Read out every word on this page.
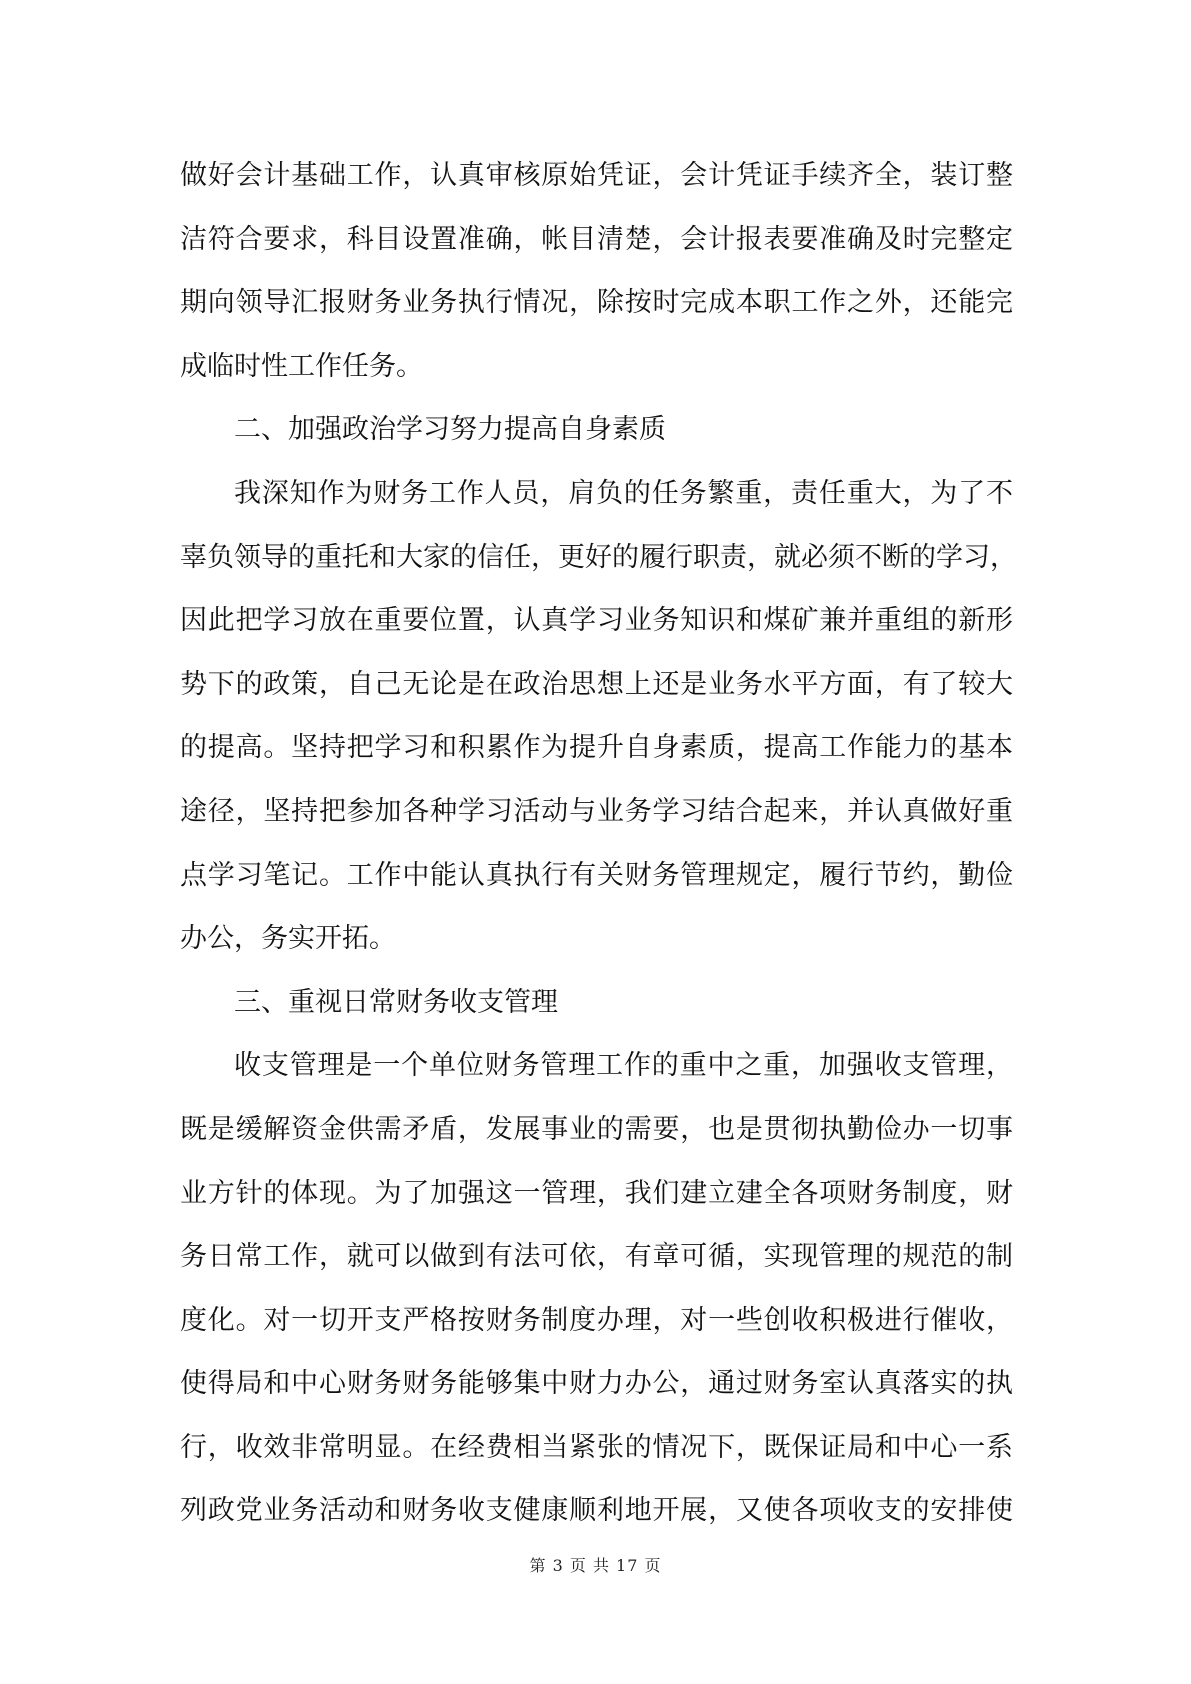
做好会计基础工作，认真审核原始凭证，会计凭证手续齐全，装订整
洁符合要求，科目设置准确，帐目清楚，会计报表要准确及时完整定
期向领导汇报财务业务执行情况，除按时完成本职工作之外，还能完
成临时性工作任务。
二、加强政治学习努力提高自身素质
我深知作为财务工作人员，肩负的任务繁重，责任重大，为了不
辜负领导的重托和大家的信任，更好的履行职责，就必须不断的学习，
因此把学习放在重要位置，认真学习业务知识和煤矿兼并重组的新形
势下的政策，自己无论是在政治思想上还是业务水平方面，有了较大
的提高。坚持把学习和积累作为提升自身素质，提高工作能力的基本
途径，坚持把参加各种学习活动与业务学习结合起来，并认真做好重
点学习笔记。工作中能认真执行有关财务管理规定，履行节约，勤俭
办公，务实开拓。
三、重视日常财务收支管理
收支管理是一个单位财务管理工作的重中之重，加强收支管理，
既是缓解资金供需矛盾，发展事业的需要，也是贯彻执勤俭办一切事
业方针的体现。为了加强这一管理，我们建立建全各项财务制度，财
务日常工作，就可以做到有法可依，有章可循，实现管理的规范的制
度化。对一切开支严格按财务制度办理，对一些创收积极进行催收，
使得局和中心财务财务能够集中财力办公，通过财务室认真落实的执
行，收效非常明显。在经费相当紧张的情况下，既保证局和中心一系
列政党业务活动和财务收支健康顺利地开展，又使各项收支的安排使
第 3 页 共 17 页
